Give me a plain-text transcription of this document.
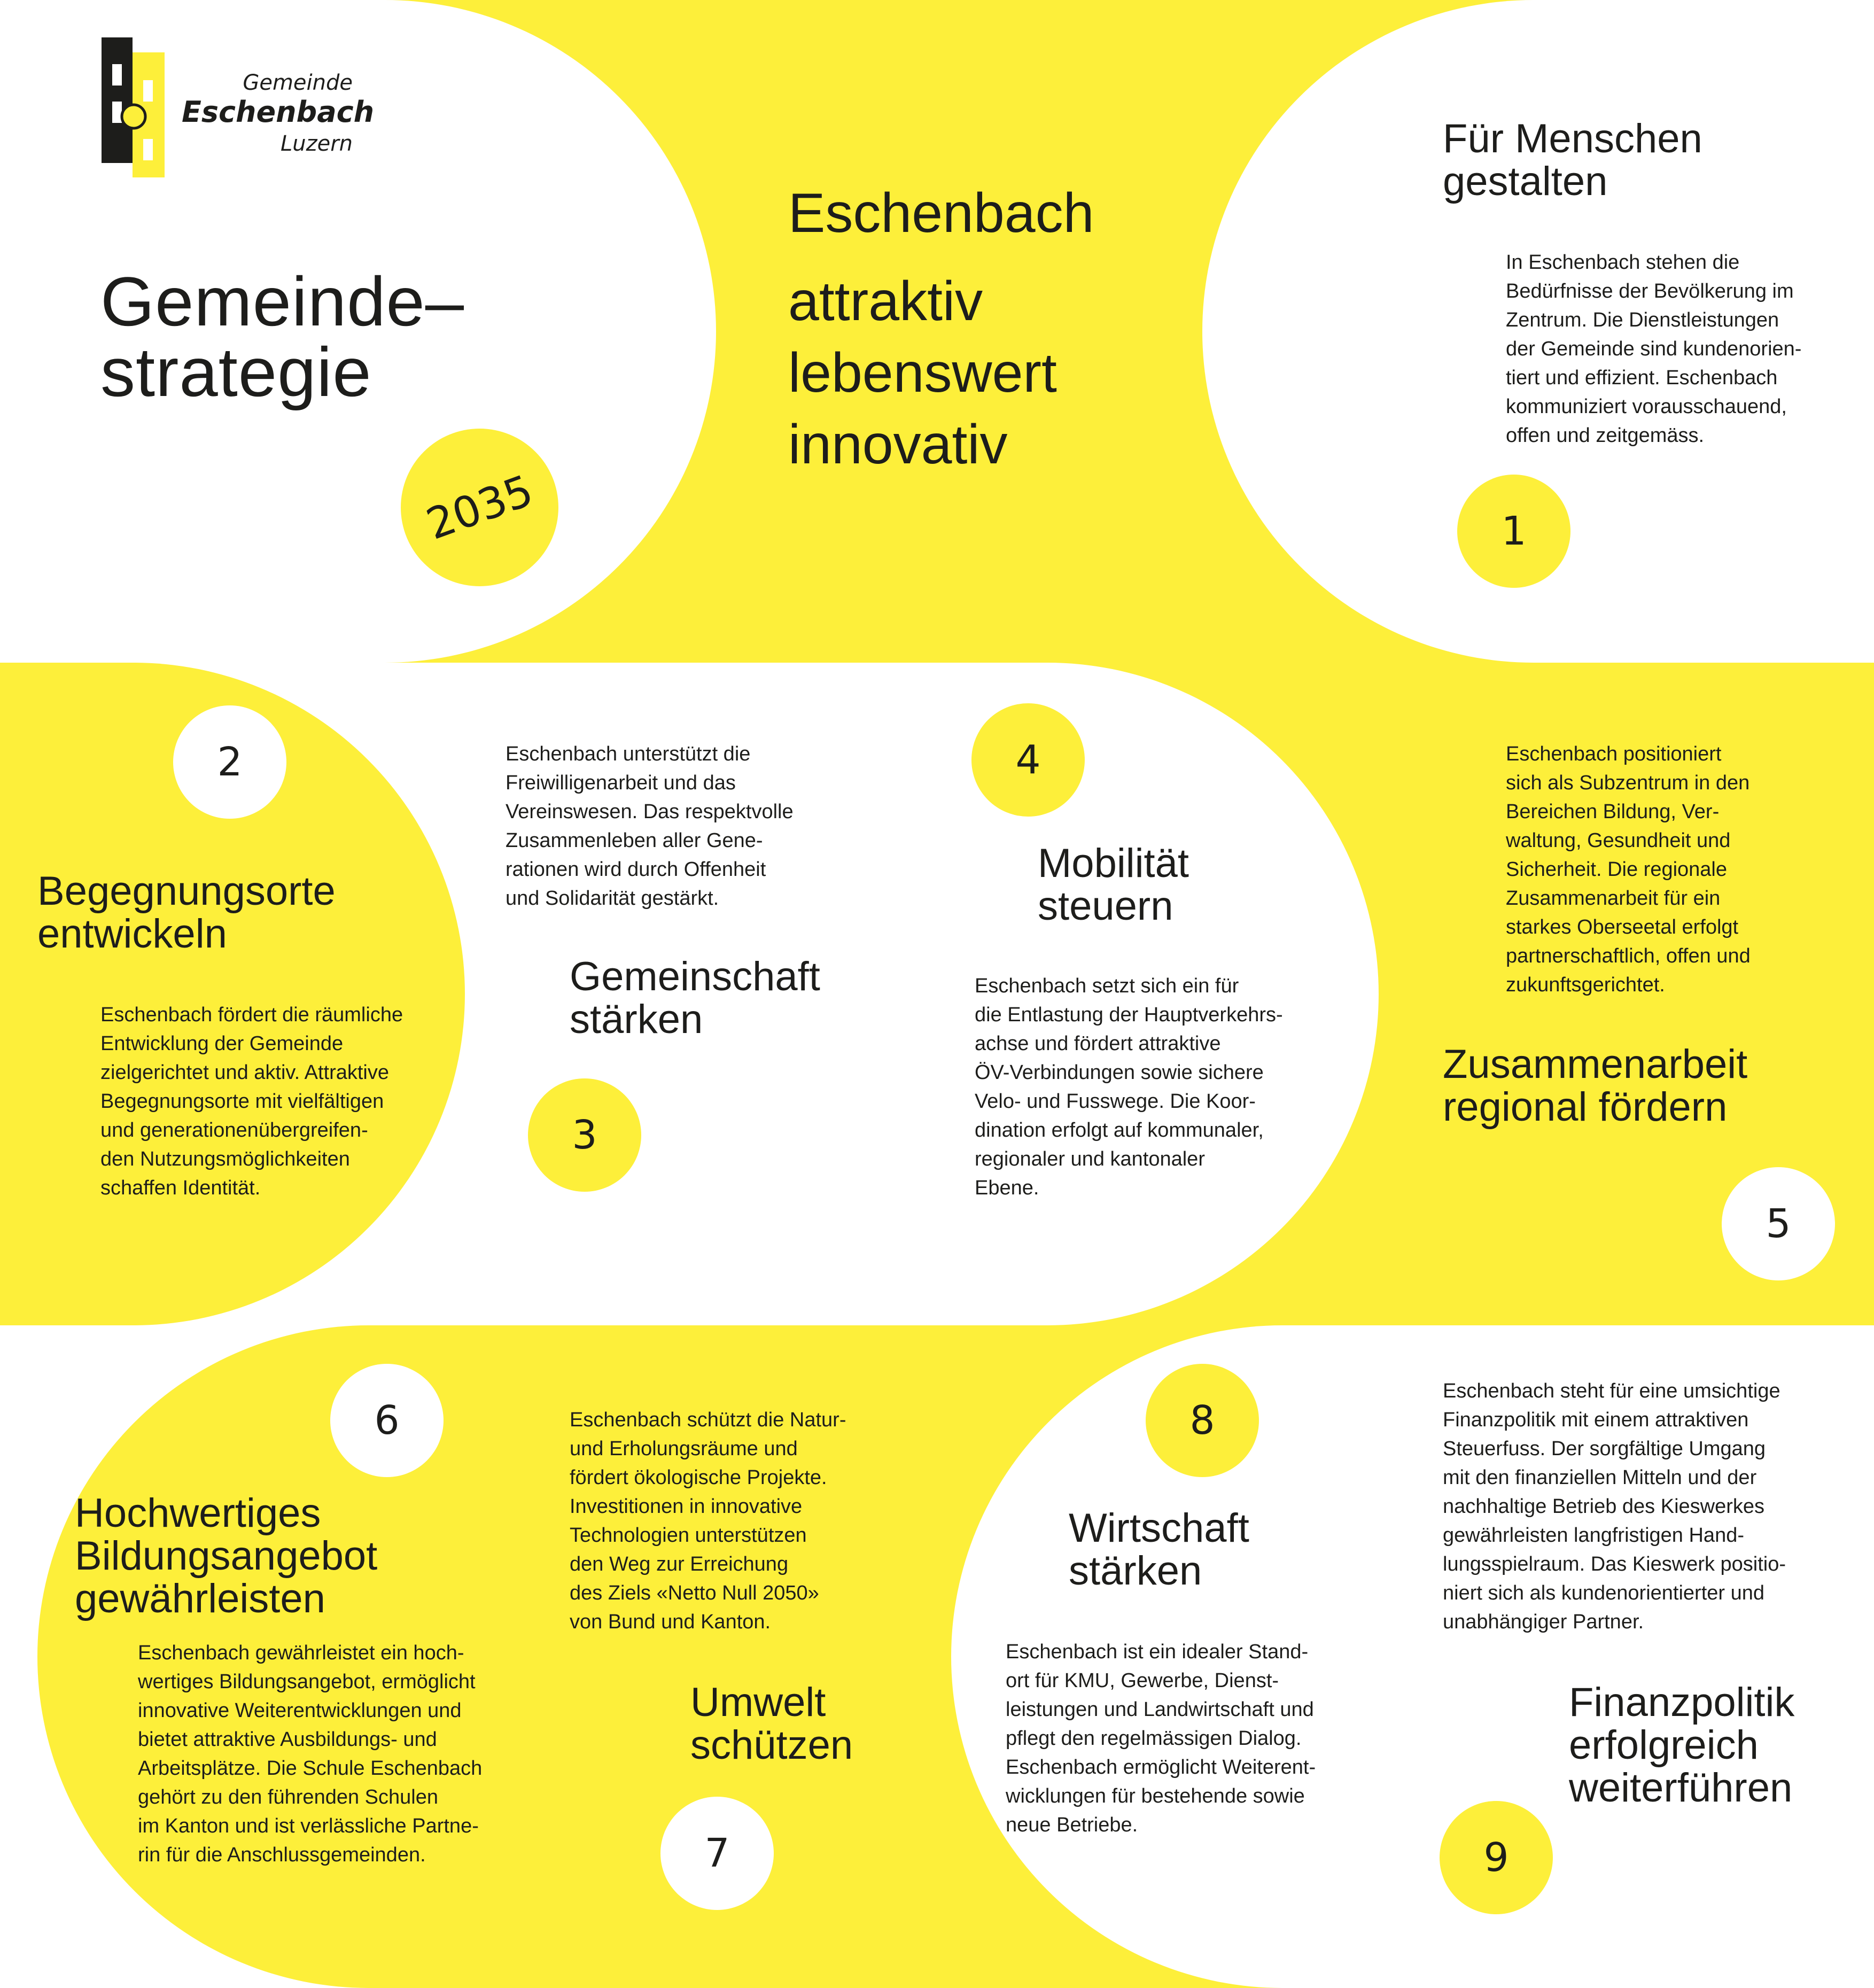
Gemeinde
Eschenbach
Luzern
Gemeinde–
strategie
2035
Eschenbach
attraktiv
lebenswert
innovativ
Für Menschen
gestalten
In Eschenbach stehen die
Bedürfnisse der Bevölkerung im
Zentrum. Die Dienstleistungen
der Gemeinde sind kundenorien-
tiert und effizient. Eschenbach
kommuniziert vorausschauend,
offen und zeitgemäss.
1
2
Begegnungsorte
entwickeln
Eschenbach fördert die räumliche
Entwicklung der Gemeinde
zielgerichtet und aktiv. Attraktive
Begegnungsorte mit vielfältigen
und generationenübergreifen-
den Nutzungsmöglichkeiten
schaffen Identität.
Eschenbach unterstützt die
Freiwilligenarbeit und das
Vereinswesen. Das respektvolle
Zusammenleben aller Gene-
rationen wird durch Offenheit
und Solidarität gestärkt.
Gemeinschaft
stärken
3
4
Mobilität
steuern
Eschenbach setzt sich ein für
die Entlastung der Hauptverkehrs-
achse und fördert attraktive
ÖV-Verbindungen sowie sichere
Velo- und Fusswege. Die Koor-
dination erfolgt auf kommunaler,
regionaler und kantonaler
Ebene.
Eschenbach positioniert
sich als Subzentrum in den
Bereichen Bildung, Ver-
waltung, Gesundheit und
Sicherheit. Die regionale
Zusammenarbeit für ein
starkes Oberseetal erfolgt
partnerschaftlich, offen und
zukunftsgerichtet.
Zusammenarbeit
regional fördern
5
6
Hochwertiges
Bildungsangebot
gewährleisten
Eschenbach gewährleistet ein hoch-
wertiges Bildungsangebot, ermöglicht
innovative Weiterentwicklungen und
bietet attraktive Ausbildungs- und
Arbeitsplätze. Die Schule Eschenbach
gehört zu den führenden Schulen
im Kanton und ist verlässliche Partne-
rin für die Anschlussgemeinden.
Eschenbach schützt die Natur-
und Erholungsräume und
fördert ökologische Projekte.
Investitionen in innovative
Technologien unterstützen
den Weg zur Erreichung
des Ziels «Netto Null 2050»
von Bund und Kanton.
Umwelt
schützen
7
8
Wirtschaft
stärken
Eschenbach ist ein idealer Stand-
ort für KMU, Gewerbe, Dienst-
leistungen und Landwirtschaft und
pflegt den regelmässigen Dialog.
Eschenbach ermöglicht Weiterent-
wicklungen für bestehende sowie
neue Betriebe.
Eschenbach steht für eine umsichtige
Finanzpolitik mit einem attraktiven
Steuerfuss. Der sorgfältige Umgang
mit den finanziellen Mitteln und der
nachhaltige Betrieb des Kieswerkes
gewährleisten langfristigen Hand-
lungsspielraum. Das Kieswerk positio-
niert sich als kundenorientierter und
unabhängiger Partner.
Finanzpolitik
erfolgreich
weiterführen
9
